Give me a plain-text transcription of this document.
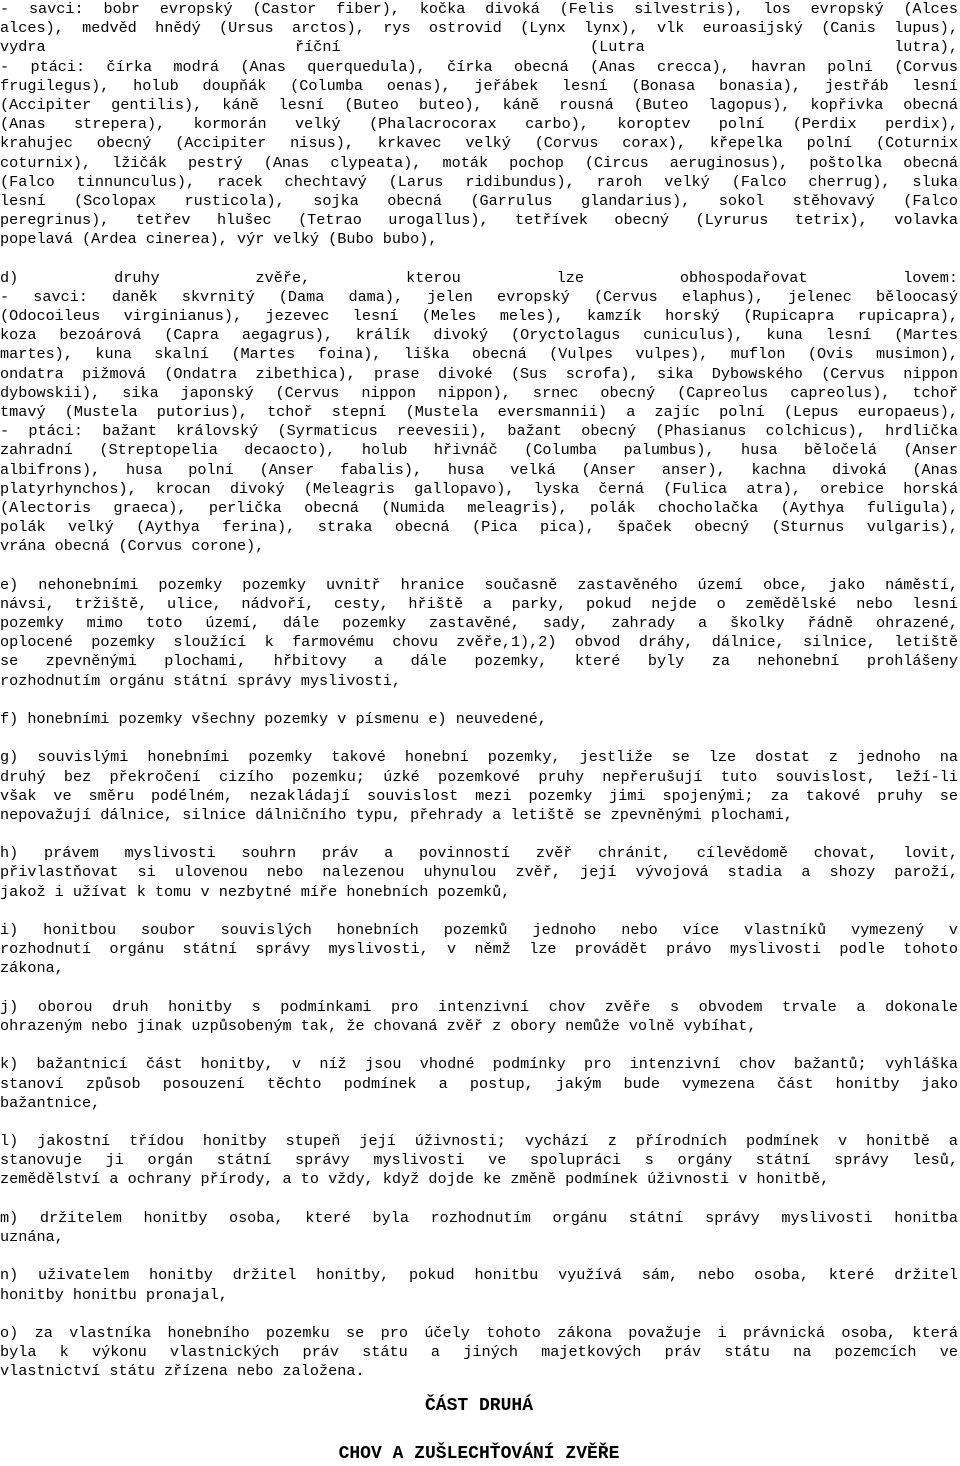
- savci: bobr evropský (Castor fiber), kočka divoká (Felis silvestris), los evropský (Alces
alces), medvěd hnědý (Ursus arctos), rys ostrovid (Lynx lynx), vlk euroasijský (Canis lupus),
vydra říční (Lutra lutra),
- ptáci: čírka modrá (Anas querquedula), čírka obecná (Anas crecca), havran polní (Corvus
frugilegus), holub doupňák (Columba oenas), jeřábek lesní (Bonasa bonasia), jestřáb lesní
(Accipiter gentilis), káně lesní (Buteo buteo), káně rousná (Buteo lagopus), kopřivka obecná
(Anas strepera), kormorán velký (Phalacrocorax carbo), koroptev polní (Perdix perdix),
krahujec obecný (Accipiter nisus), krkavec velký (Corvus corax), křepelka polní (Coturnix
coturnix), lžičák pestrý (Anas clypeata), moták pochop (Circus aeruginosus), poštolka obecná
(Falco tinnunculus), racek chechtavý (Larus ridibundus), raroh velký (Falco cherrug), sluka
lesní (Scolopax rusticola), sojka obecná (Garrulus glandarius), sokol stěhovavý (Falco
peregrinus), tetřev hlušec (Tetrao urogallus), tetřívek obecný (Lyrurus tetrix), volavka
popelavá (Ardea cinerea), výr velký (Bubo bubo),
d) druhy zvěře, kterou lze obhospodařovat lovem:
- savci: daněk skvrnitý (Dama dama), jelen evropský (Cervus elaphus), jelenec běloocasý
(Odocoileus virginianus), jezevec lesní (Meles meles), kamzík horský (Rupicapra rupicapra),
koza bezoárová (Capra aegagrus), králík divoký (Oryctolagus cuniculus), kuna lesní (Martes
martes), kuna skalní (Martes foina), liška obecná (Vulpes vulpes), muflon (Ovis musimon),
ondatra pižmová (Ondatra zibethica), prase divoké (Sus scrofa), sika Dybowského (Cervus nippon
dybowskii), sika japonský (Cervus nippon nippon), srnec obecný (Capreolus capreolus), tchoř
tmavý (Mustela putorius), tchoř stepní (Mustela eversmannii) a zajíc polní (Lepus europaeus),
- ptáci: bažant královský (Syrmaticus reevesii), bažant obecný (Phasianus colchicus), hrdlička
zahradní (Streptopelia decaocto), holub hřivnáč (Columba palumbus), husa běločelá (Anser
albifrons), husa polní (Anser fabalis), husa velká (Anser anser), kachna divoká (Anas
platyrhynchos), krocan divoký (Meleagris gallopavo), lyska černá (Fulica atra), orebice horská
(Alectoris graeca), perlička obecná (Numida meleagris), polák chocholačka (Aythya fuligula),
polák velký (Aythya ferina), straka obecná (Pica pica), špaček obecný (Sturnus vulgaris),
vrána obecná (Corvus corone),
e) nehonebními pozemky pozemky uvnitř hranice současně zastavěného území obce, jako náměstí,
návsi, tržiště, ulice, nádvoří, cesty, hřiště a parky, pokud nejde o zemědělské nebo lesní
pozemky mimo toto území, dále pozemky zastavěné, sady, zahrady a školky řádně ohrazené,
oplocené pozemky sloužící k farmovému chovu zvěře,1),2) obvod dráhy, dálnice, silnice, letiště
se zpevněnými plochami, hřbitovy a dále pozemky, které byly za nehonební prohlášeny
rozhodnutím orgánu státní správy myslivosti,
f) honebními pozemky všechny pozemky v písmenu e) neuvedené,
g) souvislými honebními pozemky takové honební pozemky, jestliže se lze dostat z jednoho na
druhý bez překročení cizího pozemku; úzké pozemkové pruhy nepřerušují tuto souvislost, leží-li
však ve směru podélném, nezakládají souvislost mezi pozemky jimi spojenými; za takové pruhy se
nepovažují dálnice, silnice dálničního typu, přehrady a letiště se zpevněnými plochami,
h) právem myslivosti souhrn práv a povinností zvěř chránit, cílevědomě chovat, lovit,
přivlastňovat si ulovenou nebo nalezenou uhynulou zvěř, její vývojová stadia a shozy paroží,
jakož i užívat k tomu v nezbytné míře honebních pozemků,
i) honitbou soubor souvislých honebních pozemků jednoho nebo více vlastníků vymezený v
rozhodnutí orgánu státní správy myslivosti, v němž lze provádět právo myslivosti podle tohoto
zákona,
j) oborou druh honitby s podmínkami pro intenzivní chov zvěře s obvodem trvale a dokonale
ohrazeným nebo jinak uzpůsobeným tak, že chovaná zvěř z obory nemůže volně vybíhat,
k) bažantnicí část honitby, v níž jsou vhodné podmínky pro intenzivní chov bažantů; vyhláška
stanoví způsob posouzení těchto podmínek a postup, jakým bude vymezena část honitby jako
bažantnice,
l) jakostní třídou honitby stupeň její úživnosti; vychází z přírodních podmínek v honitbě a
stanovuje ji orgán státní správy myslivosti ve spolupráci s orgány státní správy lesů,
zemědělství a ochrany přírody, a to vždy, když dojde ke změně podmínek úživnosti v honitbě,
m) držitelem honitby osoba, které byla rozhodnutím orgánu státní správy myslivosti honitba
uznána,
n) uživatelem honitby držitel honitby, pokud honitbu využívá sám, nebo osoba, které držitel
honitby honitbu pronajal,
o) za vlastníka honebního pozemku se pro účely tohoto zákona považuje i právnická osoba, která
byla k výkonu vlastnických práv státu a jiných majetkových práv státu na pozemcích ve
vlastnictví státu zřízena nebo založena.
ČÁST DRUHÁ
CHOV A ZUŠLECHŤOVÁNÍ ZVĚŘE
